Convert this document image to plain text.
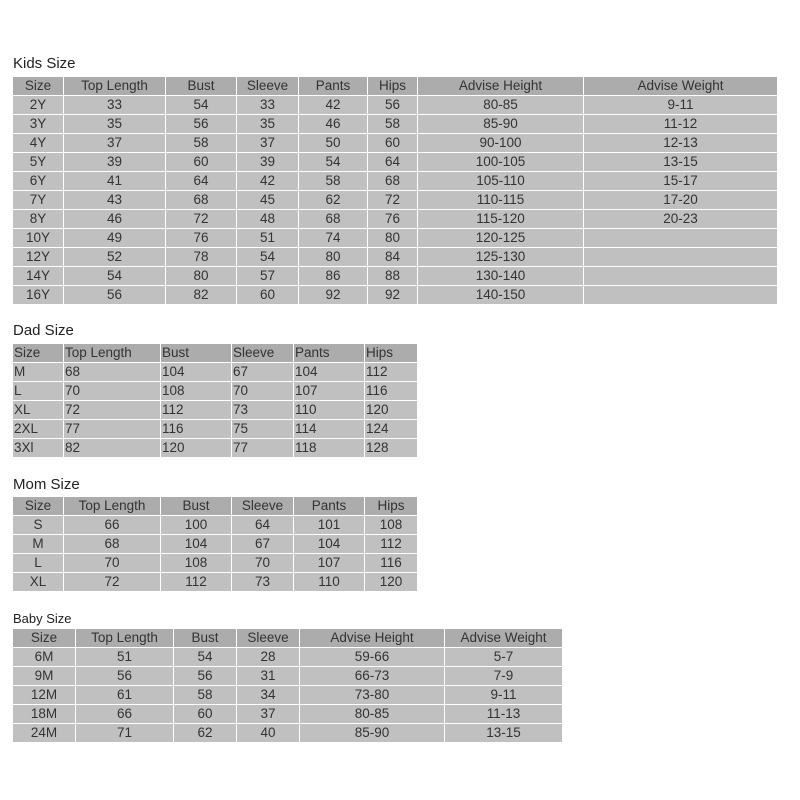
Kids Size
Size	Top Length	Bust	Sleeve	Pants	Hips	Advise Height	Advise Weight
2Y	33	54	33	42	56	80-85	9-11
3Y	35	56	35	46	58	85-90	11-12
4Y	37	58	37	50	60	90-100	12-13
5Y	39	60	39	54	64	100-105	13-15
6Y	41	64	42	58	68	105-110	15-17
7Y	43	68	45	62	72	110-115	17-20
8Y	46	72	48	68	76	115-120	20-23
10Y	49	76	51	74	80	120-125	
12Y	52	78	54	80	84	125-130	
14Y	54	80	57	86	88	130-140	
16Y	56	82	60	92	92	140-150	
Dad Size
Size	Top Length	Bust	Sleeve	Pants	Hips
M	68	104	67	104	112
L	70	108	70	107	116
XL	72	112	73	110	120
2XL	77	116	75	114	124
3Xl	82	120	77	118	128
Mom Size
Size	Top Length	Bust	Sleeve	Pants	Hips
S	66	100	64	101	108
M	68	104	67	104	112
L	70	108	70	107	116
XL	72	112	73	110	120
Baby Size
Size	Top Length	Bust	Sleeve	Advise Height	Advise Weight
6M	51	54	28	59-66	5-7
9M	56	56	31	66-73	7-9
12M	61	58	34	73-80	9-11
18M	66	60	37	80-85	11-13
24M	71	62	40	85-90	13-15
